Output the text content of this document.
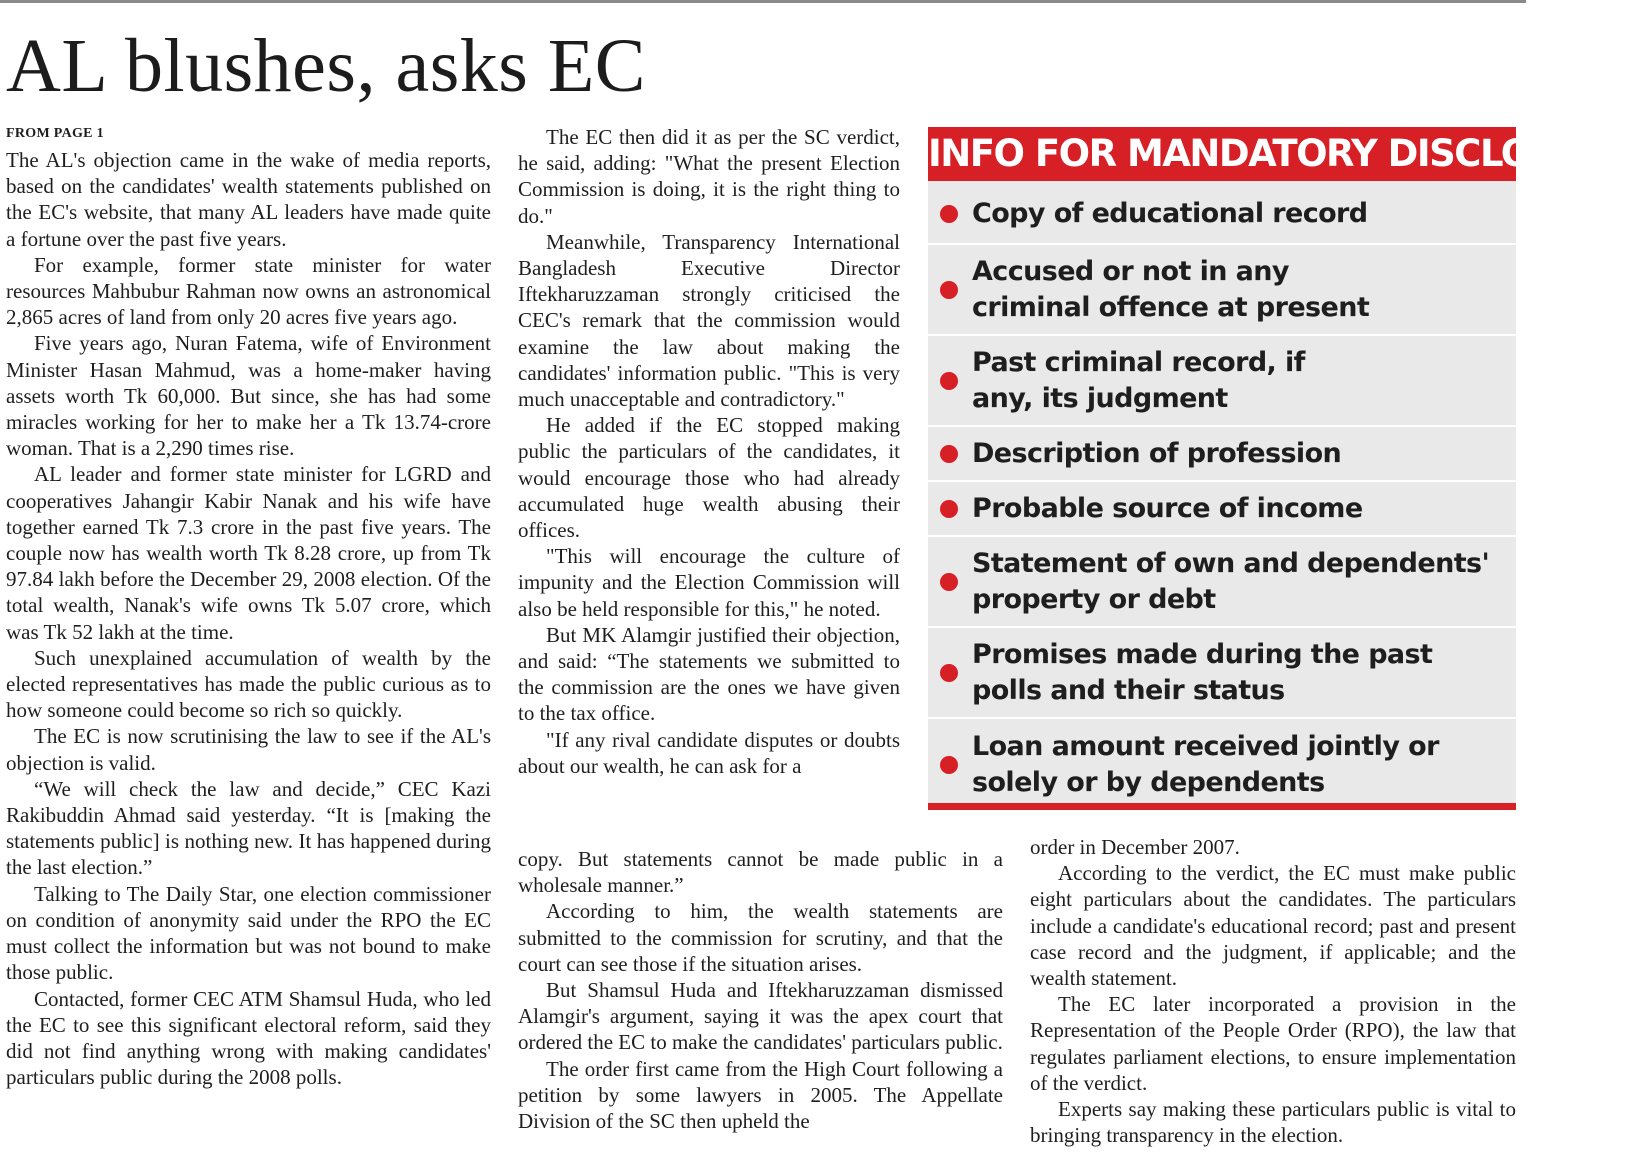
AL blushes, asks EC
FROM PAGE 1

The AL's objection came in the wake of media reports, based on the candidates' wealth statements published on the EC's website, that many AL leaders have made quite a fortune over the past five years.

For example, former state minister for water resources Mahbubur Rahman now owns an astronomical 2,865 acres of land from only 20 acres five years ago.

Five years ago, Nuran Fatema, wife of Environment Minister Hasan Mahmud, was a home-maker having assets worth Tk 60,000. But since, she has had some miracles working for her to make her a Tk 13.74-crore woman. That is a 2,290 times rise.

AL leader and former state minister for LGRD and cooperatives Jahangir Kabir Nanak and his wife have together earned Tk 7.3 crore in the past five years. The couple now has wealth worth Tk 8.28 crore, up from Tk 97.84 lakh before the December 29, 2008 election. Of the total wealth, Nanak's wife owns Tk 5.07 crore, which was Tk 52 lakh at the time.

Such unexplained accumulation of wealth by the elected representatives has made the public curious as to how someone could become so rich so quickly.

The EC is now scrutinising the law to see if the AL's objection is valid.

“We will check the law and decide,” CEC Kazi Rakibuddin Ahmad said yesterday. “It is [making the statements public] is nothing new. It has happened during the last election.”

Talking to The Daily Star, one election commissioner on condition of anonymity said under the RPO the EC must collect the information but was not bound to make those public.

Contacted, former CEC ATM Shamsul Huda, who led the EC to see this significant electoral reform, said they did not find anything wrong with making candidates' particulars public during the 2008 polls.

The EC then did it as per the SC verdict, he said, adding: "What the present Election Commission is doing, it is the right thing to do."

Meanwhile, Transparency International Bangladesh Executive Director Iftekharuzzaman strongly criticised the CEC's remark that the commission would examine the law about making the candidates' information public. "This is very much unacceptable and contradictory."

He added if the EC stopped making public the particulars of the candidates, it would encourage those who had already accumulated huge wealth abusing their offices.

"This will encourage the culture of impunity and the Election Commission will also be held responsible for this," he noted.

But MK Alamgir justified their objection, and said: “The statements we submitted to the commission are the ones we have given to the tax office.

"If any rival candidate disputes or doubts about our wealth, he can ask for a

copy. But statements cannot be made public in a wholesale manner.”

According to him, the wealth statements are submitted to the commission for scrutiny, and that the court can see those if the situation arises.

But Shamsul Huda and Iftekharuzzaman dismissed Alamgir's argument, saying it was the apex court that ordered the EC to make the candidates' particulars public.

The order first came from the High Court following a petition by some lawyers in 2005. The Appellate Division of the SC then upheld the

order in December 2007.

According to the verdict, the EC must make public eight particulars about the candidates. The particulars include a candidate's educational record; past and present case record and the judgment, if applicable; and the wealth statement.

The EC later incorporated a provision in the Representation of the People Order (RPO), the law that regulates parliament elections, to ensure implementation of the verdict.

Experts say making these particulars public is vital to bringing transparency in the election.

INFO FOR MANDATORY DISCLOSURE
Copy of educational record
Accused or not in any criminal offence at present
Past criminal record, if any, its judgment
Description of profession
Probable source of income
Statement of own and dependents' property or debt
Promises made during the past polls and their status
Loan amount received jointly or solely or by dependents
